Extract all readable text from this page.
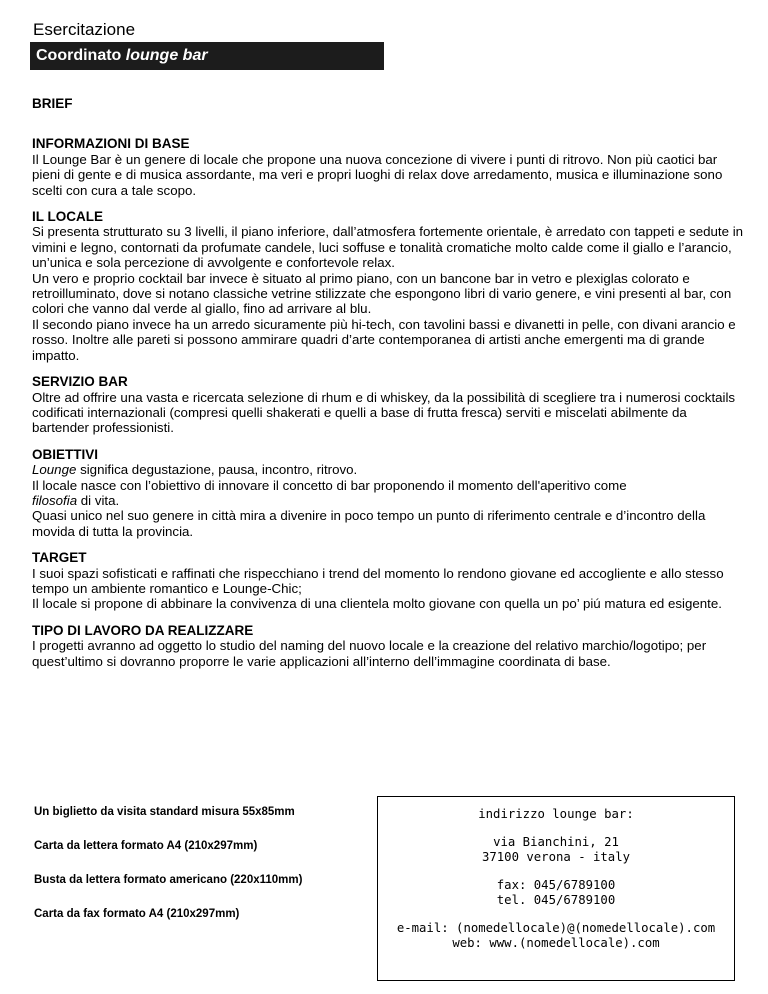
Esercitazione
Coordinato lounge bar
BRIEF
INFORMAZIONI DI BASE

Il Lounge Bar è un genere di locale che propone una nuova concezione di vivere i punti di ritrovo. Non più caotici bar pieni di gente e di musica assordante, ma veri e propri luoghi di relax dove arredamento, musica e illuminazione sono scelti con cura a tale scopo.

IL LOCALE

Si presenta strutturato su 3 livelli, il piano inferiore, dall’atmosfera fortemente orientale, è arredato con tappeti e sedute in vimini e legno, contornati da profumate candele, luci soffuse e tonalità cromatiche molto calde come il giallo e l’arancio, un’unica e sola percezione di avvolgente e confortevole relax.

Un vero e proprio cocktail bar invece è situato al primo piano, con un bancone bar in vetro e plexiglas colorato e retroilluminato, dove si notano classiche vetrine stilizzate che espongono libri di vario genere, e vini presenti al bar, con colori che vanno dal verde al giallo, fino ad arrivare al blu.

Il secondo piano invece ha un arredo sicuramente più hi-tech, con tavolini bassi e divanetti in pelle, con divani arancio e rosso. Inoltre alle pareti si possono ammirare quadri d’arte contemporanea di artisti anche emergenti ma di grande impatto.

SERVIZIO BAR

Oltre ad offrire una vasta e ricercata selezione di rhum e di whiskey, da la possibilità di scegliere tra i numerosi cocktails codificati internazionali (compresi quelli shakerati e quelli a base di frutta fresca) serviti e miscelati abilmente da bartender professionisti.

OBIETTIVI

Lounge significa degustazione, pausa, incontro, ritrovo.

Il locale nasce con l’obiettivo di innovare il concetto di bar proponendo il momento dell'aperitivo come
filosofia di vita.

Quasi unico nel suo genere in città mira a divenire in poco tempo un punto di riferimento centrale e d’incontro della movida di tutta la provincia.

TARGET

I suoi spazi sofisticati e raffinati che rispecchiano i trend del momento lo rendono giovane ed accogliente e allo stesso tempo un ambiente romantico e Lounge-Chic;

Il locale si propone di abbinare la convivenza di una clientela molto giovane con quella un po’ piú matura ed esigente.

TIPO DI LAVORO DA REALIZZARE

I progetti avranno ad oggetto lo studio del naming del nuovo locale e la creazione del relativo marchio/logotipo; per quest’ultimo si dovranno proporre le varie applicazioni all’interno dell’immagine coordinata di base.

Un biglietto da visita standard misura 55x85mm
Carta da lettera formato A4 (210x297mm)
Busta da lettera formato americano (220x110mm)
Carta da fax formato A4 (210x297mm)
indirizzo lounge bar:
via Bianchini, 21
37100 verona - italy
fax: 045/6789100
tel. 045/6789100
e-mail: (nomedellocale)@(nomedellocale).com
web: www.(nomedellocale).com
